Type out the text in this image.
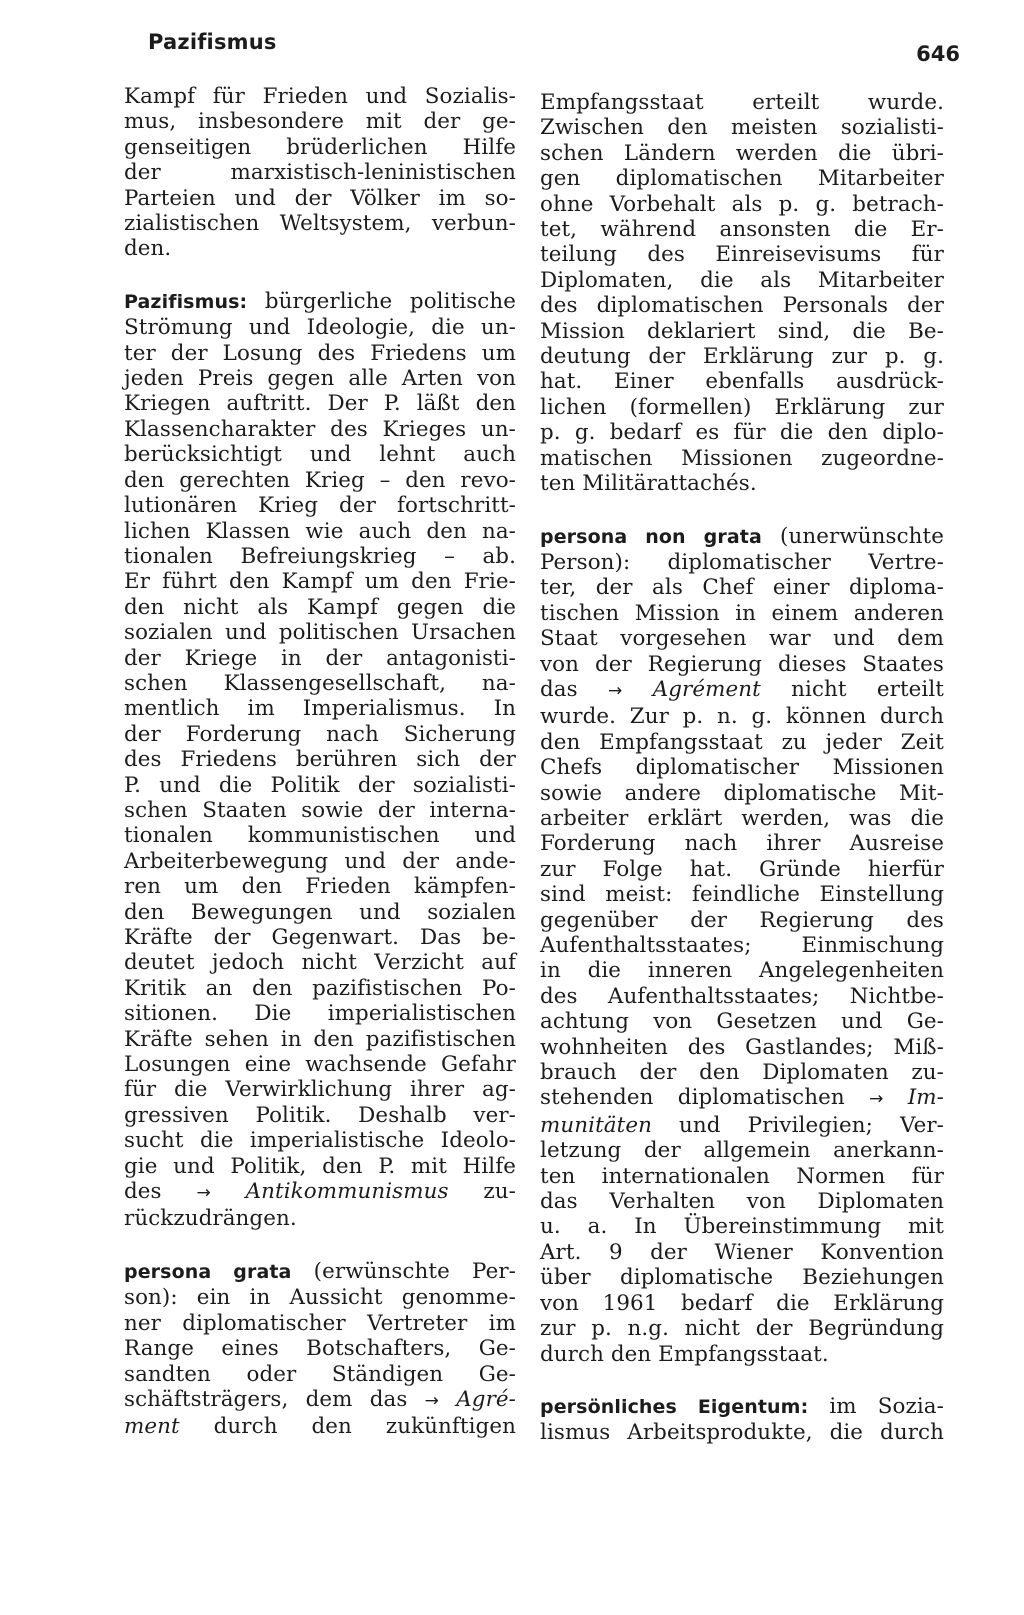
Pazifismus	646
Kampf für Frieden und Sozialis-
mus, insbesondere mit der ge-
genseitigen brüderlichen Hilfe
der marxistisch-leninistischen
Parteien und der Völker im so-
zialistischen Weltsystem, verbun-
den.
Pazifismus: bürgerliche politische
Strömung und Ideologie, die un-
ter der Losung des Friedens um
jeden Preis gegen alle Arten von
Kriegen auftritt. Der P. läßt den
Klassencharakter des Krieges un-
berücksichtigt und lehnt auch
den gerechten Krieg – den revo-
lutionären Krieg der fortschritt-
lichen Klassen wie auch den na-
tionalen Befreiungskrieg – ab.
Er führt den Kampf um den Frie-
den nicht als Kampf gegen die
sozialen und politischen Ursachen
der Kriege in der antagonisti-
schen Klassengesellschaft, na-
mentlich im Imperialismus. In
der Forderung nach Sicherung
des Friedens berühren sich der
P. und die Politik der sozialisti-
schen Staaten sowie der interna-
tionalen kommunistischen und
Arbeiterbewegung und der ande-
ren um den Frieden kämpfen-
den Bewegungen und sozialen
Kräfte der Gegenwart. Das be-
deutet jedoch nicht Verzicht auf
Kritik an den pazifistischen Po-
sitionen. Die imperialistischen
Kräfte sehen in den pazifistischen
Losungen eine wachsende Gefahr
für die Verwirklichung ihrer ag-
gressiven Politik. Deshalb ver-
sucht die imperialistische Ideolo-
gie und Politik, den P. mit Hilfe
des → Antikommunismus zu-
rückzudrängen.
persona grata (erwünschte Per-
son): ein in Aussicht genomme-
ner diplomatischer Vertreter im
Range eines Botschafters, Ge-
sandten oder Ständigen Ge-
schäftsträgers, dem das → Agré-
ment durch den zukünftigen
Empfangsstaat erteilt wurde.
Zwischen den meisten sozialisti-
schen Ländern werden die übri-
gen diplomatischen Mitarbeiter
ohne Vorbehalt als p. g. betrach-
tet, während ansonsten die Er-
teilung des Einreisevisums für
Diplomaten, die als Mitarbeiter
des diplomatischen Personals der
Mission deklariert sind, die Be-
deutung der Erklärung zur p. g.
hat. Einer ebenfalls ausdrück-
lichen (formellen) Erklärung zur
p. g. bedarf es für die den diplo-
matischen Missionen zugeordne-
ten Militärattachés.
persona non grata (unerwünschte
Person): diplomatischer Vertre-
ter, der als Chef einer diploma-
tischen Mission in einem anderen
Staat vorgesehen war und dem
von der Regierung dieses Staates
das → Agrément nicht erteilt
wurde. Zur p. n. g. können durch
den Empfangsstaat zu jeder Zeit
Chefs diplomatischer Missionen
sowie andere diplomatische Mit-
arbeiter erklärt werden, was die
Forderung nach ihrer Ausreise
zur Folge hat. Gründe hierfür
sind meist: feindliche Einstellung
gegenüber der Regierung des
Aufenthaltsstaates; Einmischung
in die inneren Angelegenheiten
des Aufenthaltsstaates; Nichtbe-
achtung von Gesetzen und Ge-
wohnheiten des Gastlandes; Miß-
brauch der den Diplomaten zu-
stehenden diplomatischen → Im-
munitäten und Privilegien; Ver-
letzung der allgemein anerkann-
ten internationalen Normen für
das Verhalten von Diplomaten
u. a. In Übereinstimmung mit
Art. 9 der Wiener Konvention
über diplomatische Beziehungen
von 1961 bedarf die Erklärung
zur p. n.g. nicht der Begründung
durch den Empfangsstaat.
persönliches Eigentum: im Sozia-
lismus Arbeitsprodukte, die durch
